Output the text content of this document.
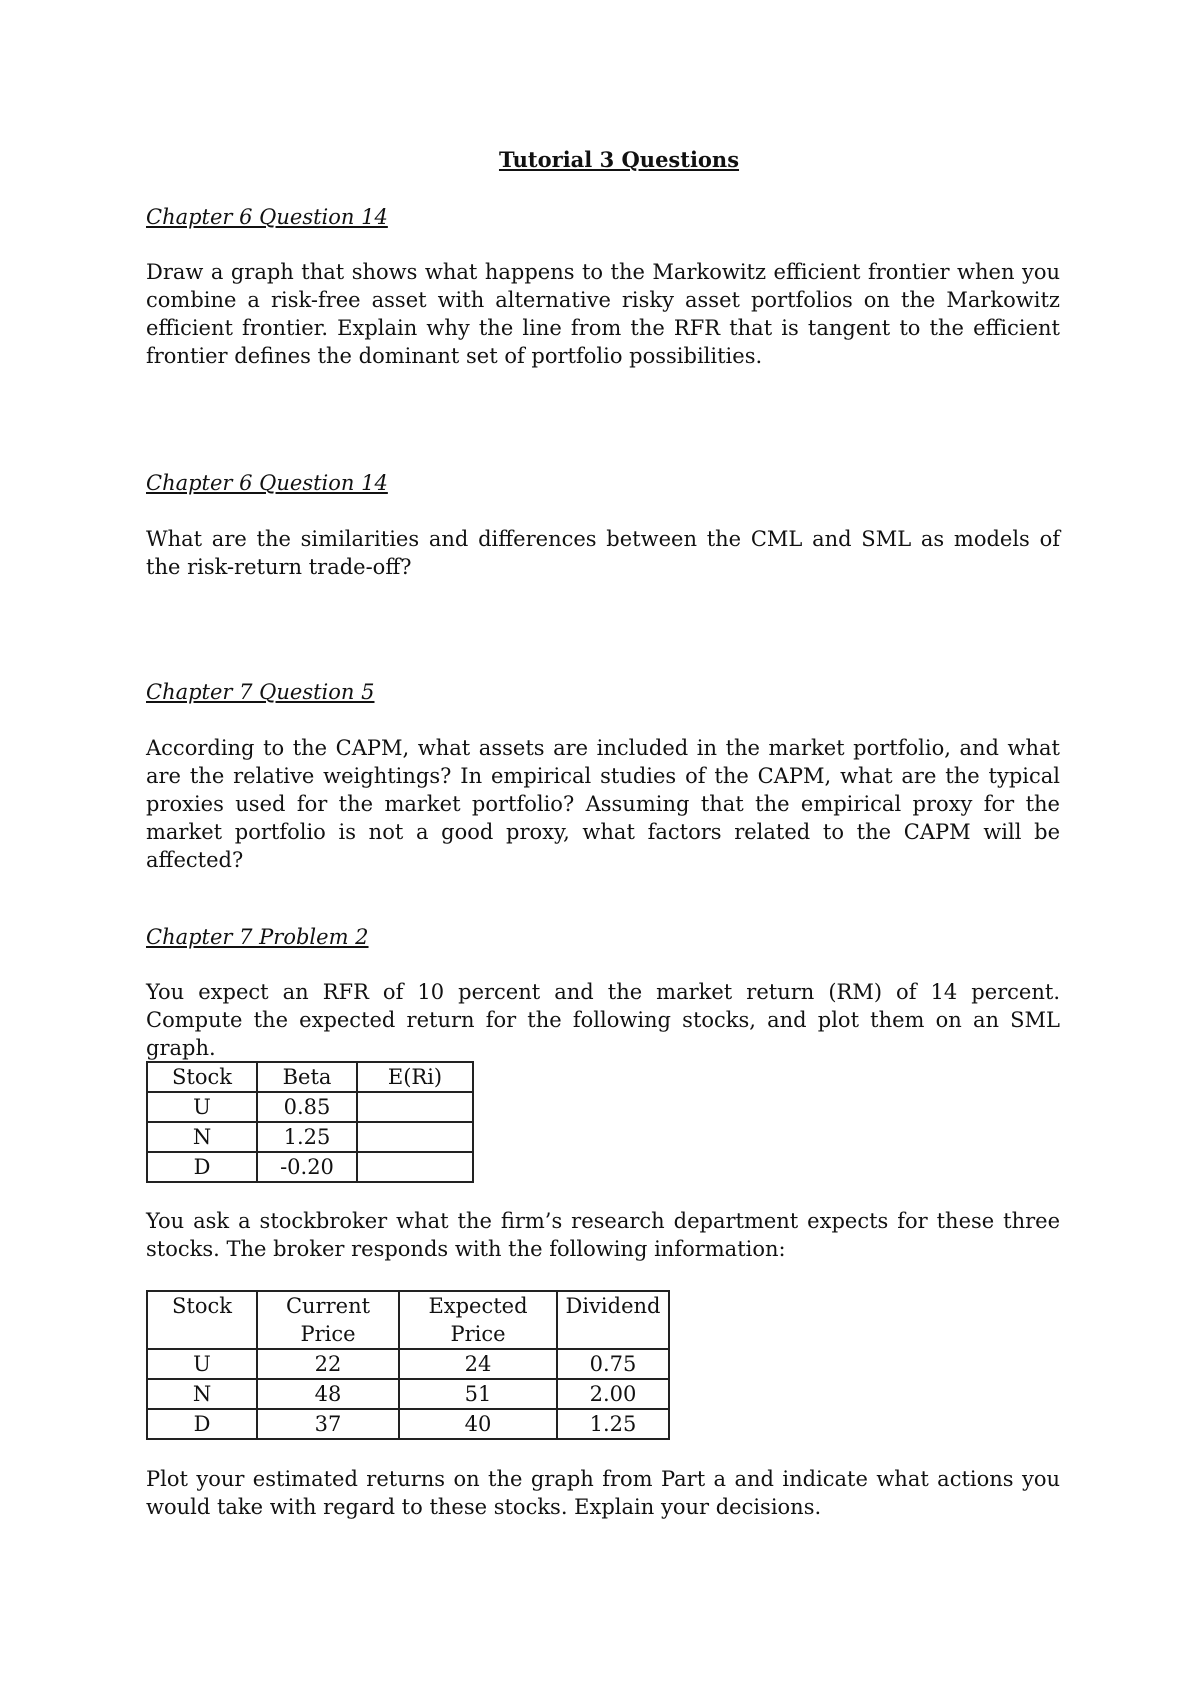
Tutorial 3 Questions
Chapter 6 Question 14
Draw a graph that shows what happens to the Markowitz efficient frontier when you combine a risk-free asset with alternative risky asset portfolios on the Markowitz efficient frontier. Explain why the line from the RFR that is tangent to the efficient frontier defines the dominant set of portfolio possibilities.
Chapter 6 Question 14
What are the similarities and differences between the CML and SML as models of the risk-return trade-off?
Chapter 7 Question 5
According to the CAPM, what assets are included in the market portfolio, and what are the relative weightings? In empirical studies of the CAPM, what are the typical proxies used for the market portfolio? Assuming that the empirical proxy for the market portfolio is not a good proxy, what factors related to the CAPM will be affected?
Chapter 7 Problem 2
You expect an RFR of 10 percent and the market return (RM) of 14 percent. Compute the expected return for the following stocks, and plot them on an SML graph.
Stock	Beta	E(Ri)
U	0.85	
N	1.25	
D	-0.20	
You ask a stockbroker what the firm’s research department expects for these three stocks. The broker responds with the following information:
Stock	Current Price	Expected Price	Dividend
U	22	24	0.75
N	48	51	2.00
D	37	40	1.25
Plot your estimated returns on the graph from Part a and indicate what actions you would take with regard to these stocks. Explain your decisions.
